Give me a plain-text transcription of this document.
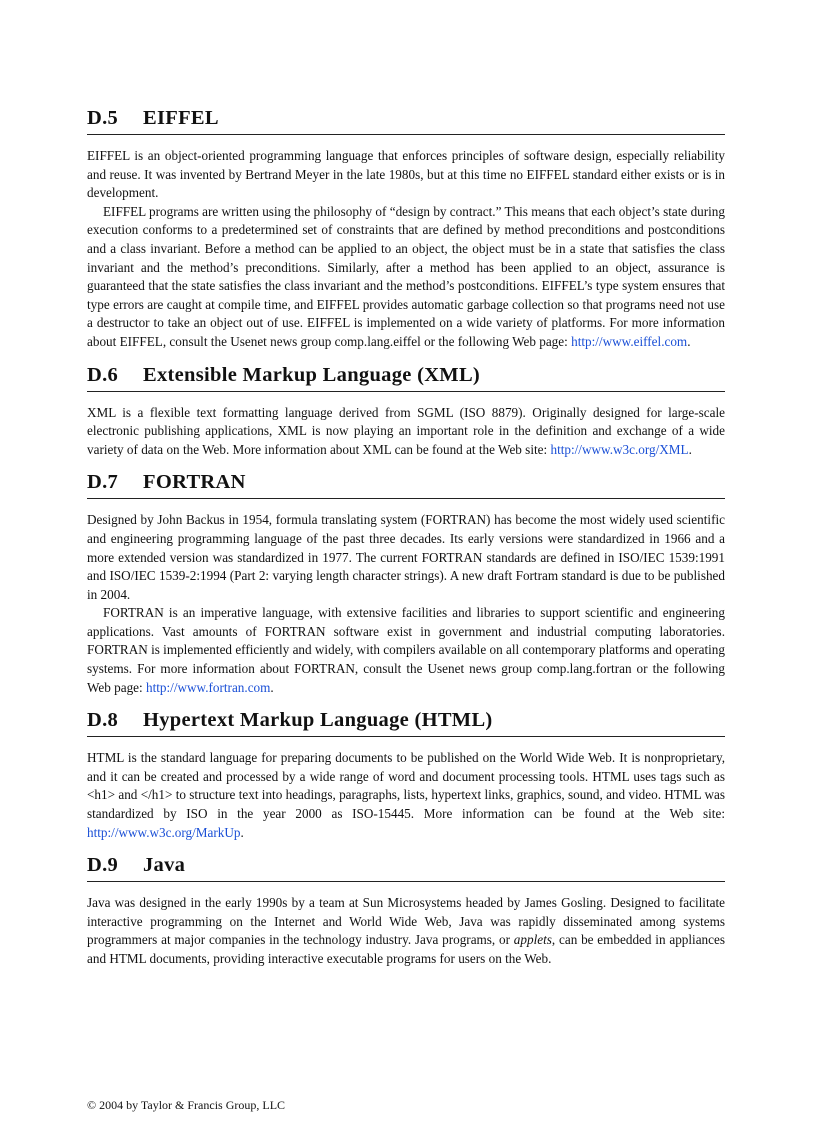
D.5 EIFFEL

EIFFEL is an object-oriented programming language that enforces principles of software design, especially reliability and reuse. It was invented by Bertrand Meyer in the late 1980s, but at this time no EIFFEL standard either exists or is in development.

EIFFEL programs are written using the philosophy of “design by contract.” This means that each object’s state during execution conforms to a predetermined set of constraints that are defined by method preconditions and postconditions and a class invariant. Before a method can be applied to an object, the object must be in a state that satisfies the class invariant and the method’s preconditions. Similarly, after a method has been applied to an object, assurance is guaranteed that the state satisfies the class invariant and the method’s postconditions. EIFFEL’s type system ensures that type errors are caught at compile time, and EIFFEL provides automatic garbage collection so that programs need not use a destructor to take an object out of use. EIFFEL is implemented on a wide variety of platforms. For more information about EIFFEL, consult the Usenet news group comp.lang.eiffel or the following Web page: http://www.eiffel.com.

D.6 Extensible Markup Language (XML)

XML is a flexible text formatting language derived from SGML (ISO 8879). Originally designed for large-scale electronic publishing applications, XML is now playing an important role in the definition and exchange of a wide variety of data on the Web. More information about XML can be found at the Web site: http://www.w3c.org/XML.

D.7 FORTRAN

Designed by John Backus in 1954, formula translating system (FORTRAN) has become the most widely used scientific and engineering programming language of the past three decades. Its early versions were standardized in 1966 and a more extended version was standardized in 1977. The current FORTRAN standards are defined in ISO/IEC 1539:1991 and ISO/IEC 1539-2:1994 (Part 2: varying length character strings). A new draft Fortram standard is due to be published in 2004.

FORTRAN is an imperative language, with extensive facilities and libraries to support scientific and engineering applications. Vast amounts of FORTRAN software exist in government and industrial computing laboratories. FORTRAN is implemented efficiently and widely, with compilers available on all contemporary platforms and operating systems. For more information about FORTRAN, consult the Usenet news group comp.lang.fortran or the following Web page: http://www.fortran.com.

D.8 Hypertext Markup Language (HTML)

HTML is the standard language for preparing documents to be published on the World Wide Web. It is nonproprietary, and it can be created and processed by a wide range of word and document processing tools. HTML uses tags such as <h1> and </h1> to structure text into headings, paragraphs, lists, hypertext links, graphics, sound, and video. HTML was standardized by ISO in the year 2000 as ISO-15445. More information can be found at the Web site: http://www.w3c.org/MarkUp.

D.9 Java

Java was designed in the early 1990s by a team at Sun Microsystems headed by James Gosling. Designed to facilitate interactive programming on the Internet and World Wide Web, Java was rapidly disseminated among systems programmers at major companies in the technology industry. Java programs, or applets, can be embedded in appliances and HTML documents, providing interactive executable programs for users on the Web.

© 2004 by Taylor & Francis Group, LLC
